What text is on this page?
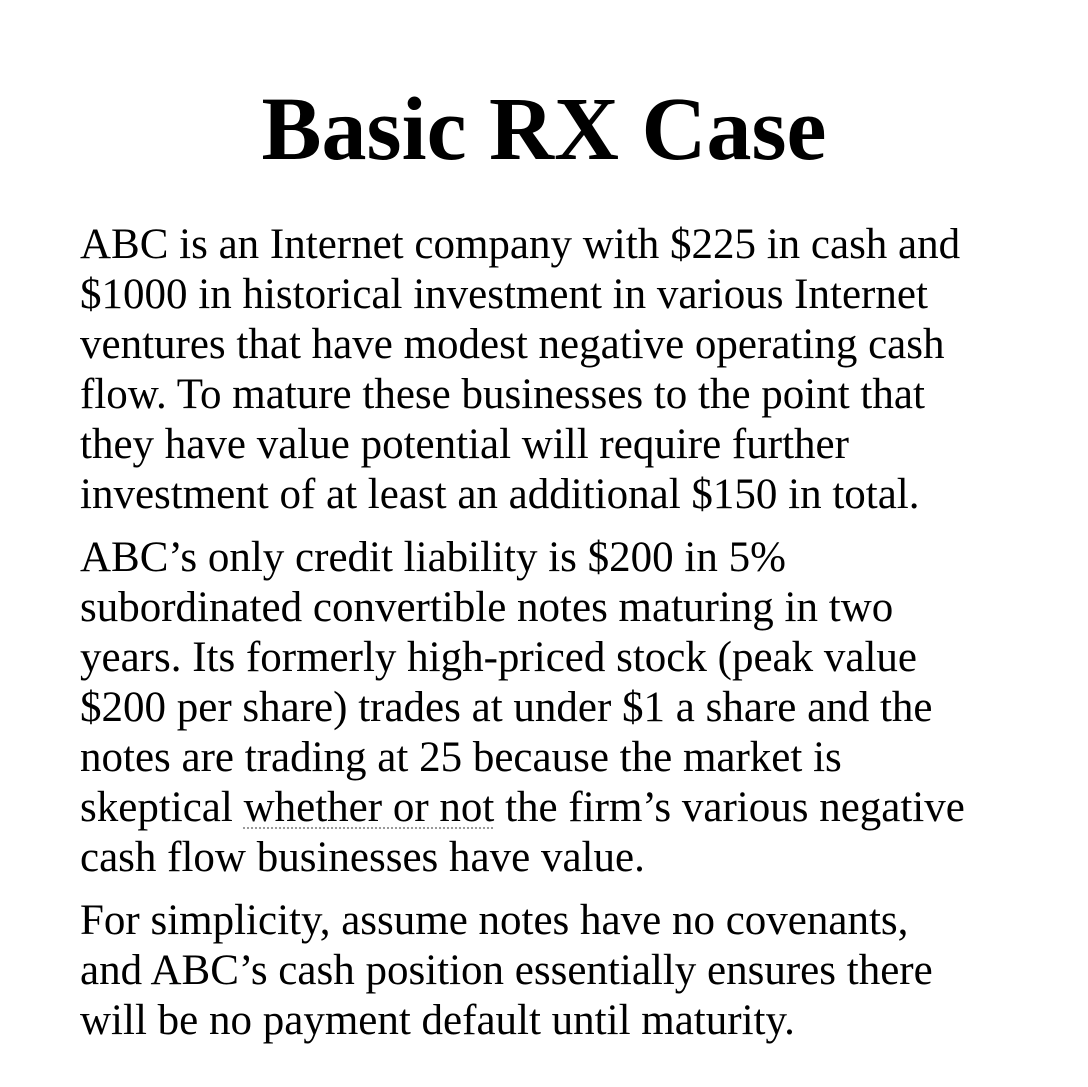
Basic RX Case

ABC is an Internet company with $225 in cash and
$1000 in historical investment in various Internet
ventures that have modest negative operating cash
flow. To mature these businesses to the point that
they have value potential will require further
investment of at least an additional $150 in total.

ABC’s only credit liability is $200 in 5%
subordinated convertible notes maturing in two
years. Its formerly high-priced stock (peak value
$200 per share) trades at under $1 a share and the
notes are trading at 25 because the market is
skeptical whether or not the firm’s various negative
cash flow businesses have value.

For simplicity, assume notes have no covenants,
and ABC’s cash position essentially ensures there
will be no payment default until maturity.
